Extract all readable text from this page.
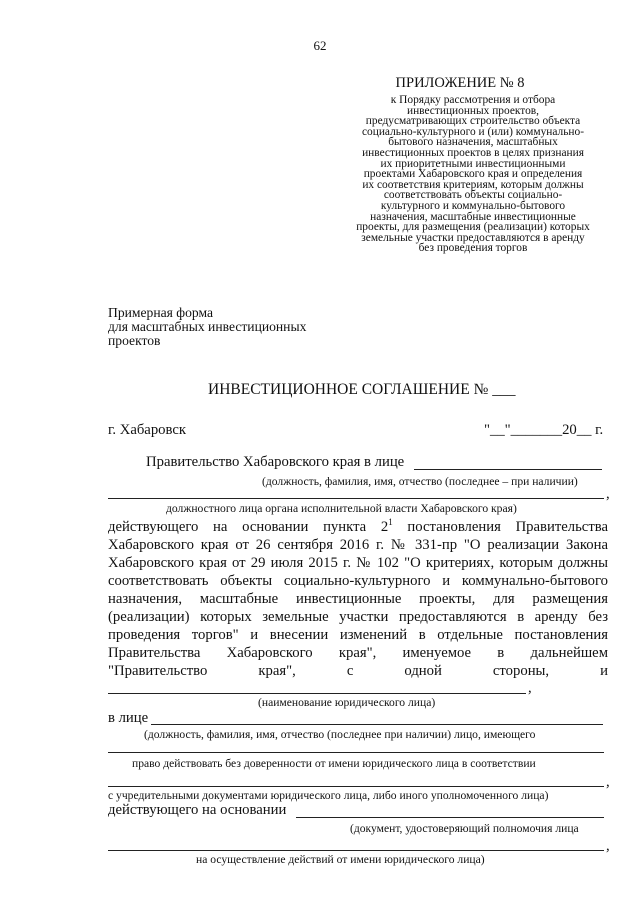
62
ПРИЛОЖЕНИЕ № 8
к Порядку рассмотрения и отбора
инвестиционных проектов,
предусматривающих строительство объекта
социально-культурного и (или) коммунально-
бытового назначения, масштабных
инвестиционных проектов в целях признания
их приоритетными инвестиционными
проектами Хабаровского края и определения
их соответствия критериям, которым должны
соответствовать объекты социально-
культурного и коммунально-бытового
назначения, масштабные инвестиционные
проекты, для размещения (реализации) которых
земельные участки предоставляются в аренду
без проведения торгов
Примерная форма
для масштабных инвестиционных
проектов
ИНВЕСТИЦИОННОЕ СОГЛАШЕНИЕ № ___
г. Хабаровск	"__"_______20__ г.
Правительство Хабаровского края в лице
(должность, фамилия, имя, отчество (последнее – при наличии)
,
должностного лица органа исполнительной власти Хабаровского края)
действующего на основании пункта $2^1$ постановления Правительства
Хабаровского края от 26 сентября 2016 г. № 331-пр "О реализации Закона
Хабаровского края от 29 июля 2015 г. № 102 "О критериях, которым должны
соответствовать объекты социально-культурного и коммунально-бытового
назначения, масштабные инвестиционные проекты, для размещения
(реализации) которых земельные участки предоставляются в аренду без
проведения торгов" и внесении изменений в отдельные постановления
Правительства Хабаровского края", именуемое в дальнейшем
"Правительство края", с одной стороны, и
,
(наименование юридического лица)
в лице
(должность, фамилия, имя, отчество (последнее при наличии) лицо, имеющего
право действовать без доверенности от имени юридического лица в соответствии
,
с учредительными документами юридического лица, либо иного уполномоченного лица)
действующего на основании
(документ, удостоверяющий полномочия лица
,
на осуществление действий от имени юридического лица)
